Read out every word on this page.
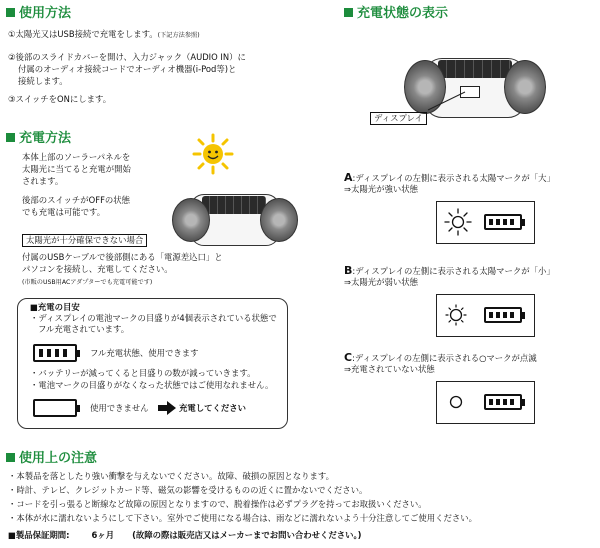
使用方法
①太陽光又はUSB接続で充電をします。(下記方法参照)
②後部のスライドカバーを開け、入力ジャック（AUDIO IN）に
付属のオーディオ接続コードでオーディオ機器(i-Pod等)と
接続します。
③スイッチをONにします。
充電方法
本体上部のソーラーパネルを
太陽光に当てると充電が開始
されます。
後部のスイッチがOFFの状態
でも充電は可能です。
太陽光が十分確保できない場合
付属のUSBケーブルで後部側にある「電源差込口」と
パソコンを接続し、充電してください。
(市販のUSB用ACアダプターでも充電可能です)
■充電の目安
・ディスプレイの電池マークの目盛りが4個表示されている状態で
フル充電されています。
フル充電状態、使用できます
・バッテリーが減ってくると目盛りの数が減っていきます。
・電池マークの目盛りがなくなった状態ではご使用なれません。
使用できません	充電してください
充電状態の表示
ディスプレイ
A:ディスプレイの左側に表示される太陽マークが「大」
⇒太陽光が強い状態
B:ディスプレイの左側に表示される太陽マークが「小」
⇒太陽光が弱い状態
C:ディスプレイの左側に表示される○マークが点滅
⇒充電されていない状態
使用上の注意
・本製品を落としたり強い衝撃を与えないでください。故障、破損の原因となります。
・時計、テレビ、クレジットカード等、磁気の影響を受けるものの近くに置かないでください。
・コードを引っ張ると断線など故障の原因となりますので、脱着操作は必ずプラグを持ってお取扱いください。
・本体が水に濡れないようにして下さい。室外でご使用になる場合は、雨などに濡れないよう十分注意してご使用ください。
■製品保証期間:	6ヶ月 (故障の際は販売店又はメーカーまでお問い合わせください。)
